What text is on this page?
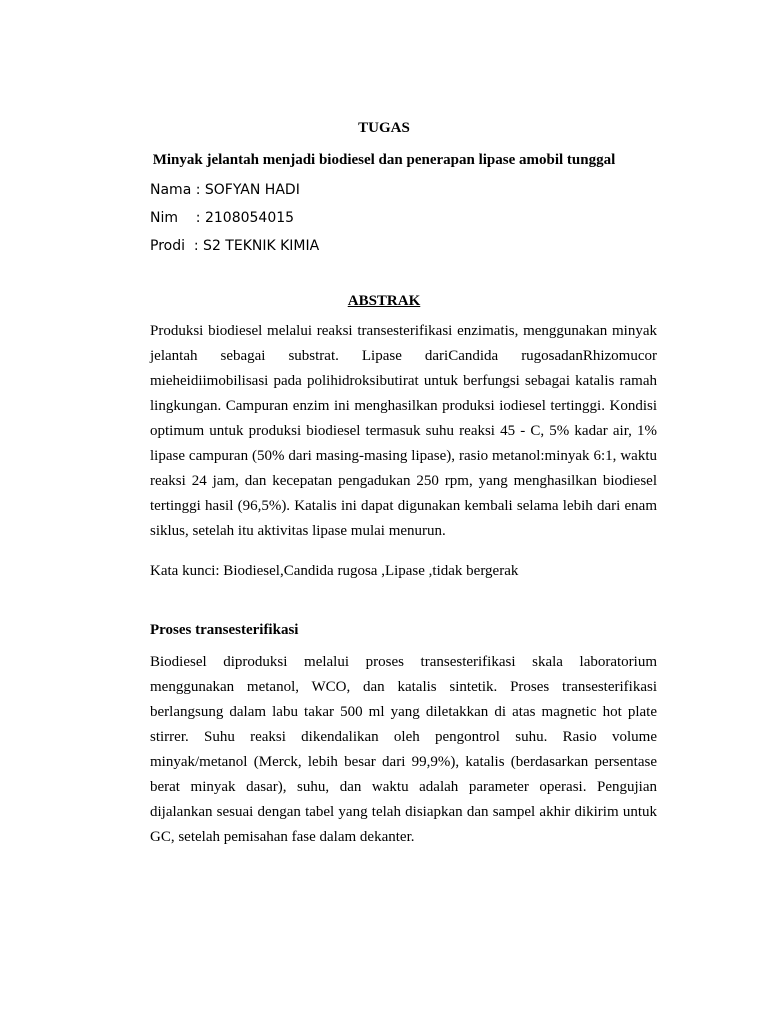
TUGAS
Minyak jelantah menjadi biodiesel dan penerapan lipase amobil tunggal
Nama : SOFYAN HADI
Nim    : 2108054015
Prodi  : S2 TEKNIK KIMIA
ABSTRAK

Produksi biodiesel melalui reaksi transesterifikasi enzimatis, menggunakan minyak jelantah sebagai substrat. Lipase dariCandida rugosadanRhizomucor mieheidiimobilisasi pada polihidroksibutirat untuk berfungsi sebagai katalis ramah lingkungan. Campuran enzim ini menghasilkan produksi iodiesel tertinggi. Kondisi optimum untuk produksi biodiesel termasuk suhu reaksi 45 - C, 5% kadar air, 1% lipase campuran (50% dari masing-masing lipase), rasio metanol:minyak 6:1, waktu reaksi 24 jam, dan kecepatan pengadukan 250 rpm, yang menghasilkan biodiesel tertinggi hasil (96,5%). Katalis ini dapat digunakan kembali selama lebih dari enam siklus, setelah itu aktivitas lipase mulai menurun.

Kata kunci: Biodiesel,Candida rugosa ,Lipase ,tidak bergerak

Proses transesterifikasi

Biodiesel diproduksi melalui proses transesterifikasi skala laboratorium menggunakan metanol, WCO, dan katalis sintetik. Proses transesterifikasi berlangsung dalam labu takar 500 ml yang diletakkan di atas magnetic hot plate stirrer. Suhu reaksi dikendalikan oleh pengontrol suhu. Rasio volume minyak/metanol (Merck, lebih besar dari 99,9%), katalis (berdasarkan persentase berat minyak dasar), suhu, dan waktu adalah parameter operasi. Pengujian dijalankan sesuai dengan tabel yang telah disiapkan dan sampel akhir dikirim untuk GC, setelah pemisahan fase dalam dekanter.
